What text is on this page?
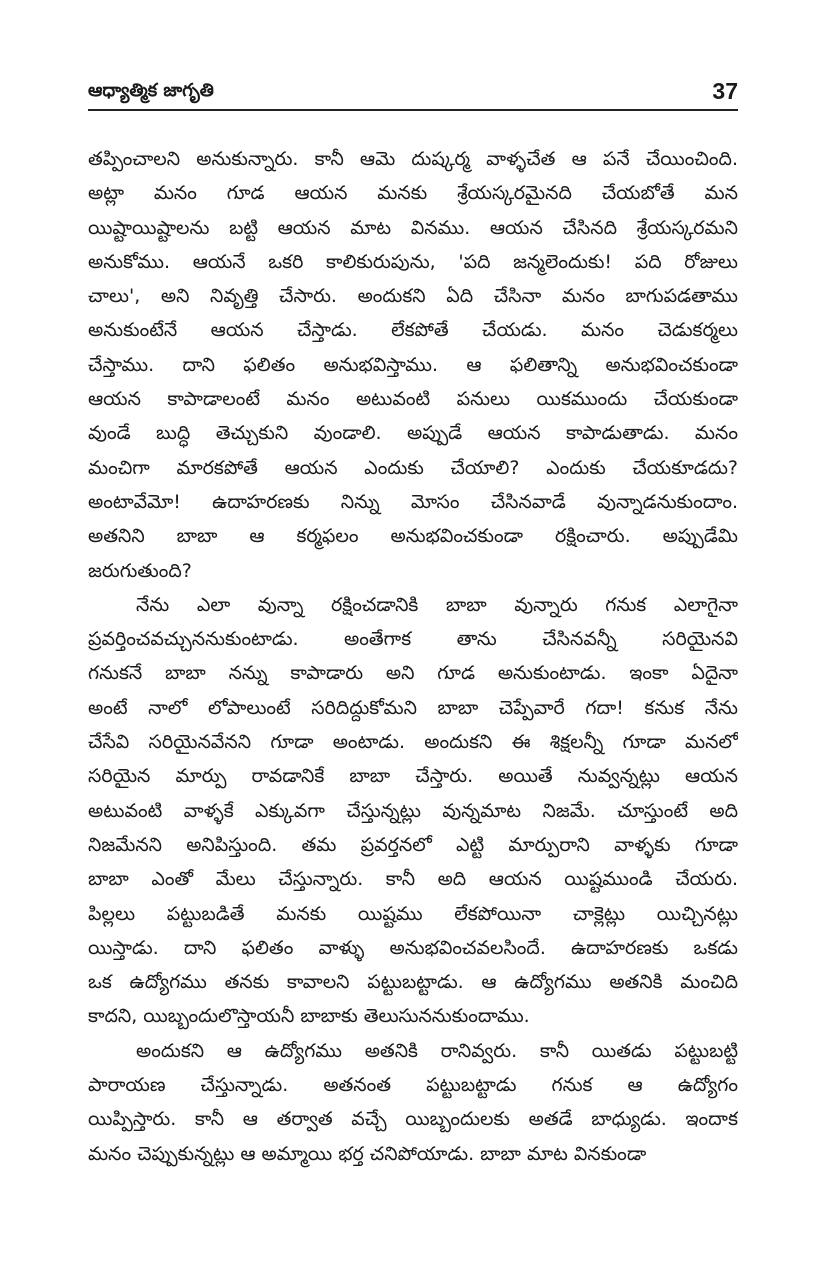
ఆధ్యాత్మిక జాగృతి	37
తప్పించాలని అనుకున్నారు. కానీ ఆమె దుష్కర్మ వాళ్ళచేత ఆ పనే చేయించింది.
అట్లా మనం గూడ ఆయన మనకు శ్రేయస్కరమైనది చేయబోతే మన
యిష్టాయిష్టాలను బట్టి ఆయన మాట వినము. ఆయన చేసినది శ్రేయస్కరమని
అనుకోము. ఆయనే ఒకరి కాలికురుపును, 'పది జన్మలెందుకు! పది రోజులు
చాలు', అని నివృత్తి చేసారు. అందుకని ఏది చేసినా మనం బాగుపడతాము
అనుకుంటేనే ఆయన చేస్తాడు. లేకపోతే చేయడు. మనం చెడుకర్మలు
చేస్తాము. దాని ఫలితం అనుభవిస్తాము. ఆ ఫలితాన్ని అనుభవించకుండా
ఆయన కాపాడాలంటే మనం అటువంటి పనులు యికముందు చేయకుండా
వుండే బుద్ధి తెచ్చుకుని వుండాలి. అప్పుడే ఆయన కాపాడుతాడు. మనం
మంచిగా మారకపోతే ఆయన ఎందుకు చేయాలి? ఎందుకు చేయకూడదు?
అంటావేమో! ఉదాహరణకు నిన్ను మోసం చేసినవాడే వున్నాడనుకుందాం.
అతనిని బాబా ఆ కర్మఫలం అనుభవించకుండా రక్షించారు. అప్పుడేమి
జరుగుతుంది?
నేను ఎలా వున్నా రక్షించడానికి బాబా వున్నారు గనుక ఎలాగైనా
ప్రవర్తించవచ్చుననుకుంటాడు. అంతేగాక తాను చేసినవన్నీ సరియైనవి
గనుకనే బాబా నన్ను కాపాడారు అని గూడ అనుకుంటాడు. ఇంకా ఏదైనా
అంటే నాలో లోపాలుంటే సరిదిద్దుకోమని బాబా చెప్పేవారే గదా! కనుక నేను
చేసేవి సరియైనవేనని గూడా అంటాడు. అందుకని ఈ శిక్షలన్నీ గూడా మనలో
సరియైన మార్పు రావడానికే బాబా చేస్తారు. అయితే నువ్వన్నట్లు ఆయన
అటువంటి వాళ్ళకే ఎక్కువగా చేస్తున్నట్లు వున్నమాట నిజమే. చూస్తుంటే అది
నిజమేనని అనిపిస్తుంది. తమ ప్రవర్తనలో ఎట్టి మార్పురాని వాళ్ళకు గూడా
బాబా ఎంతో మేలు చేస్తున్నారు. కానీ అది ఆయన యిష్టముండి చేయరు.
పిల్లలు పట్టుబడితే మనకు యిష్టము లేకపోయినా చాక్లెట్లు యిచ్చినట్లు
యిస్తాడు. దాని ఫలితం వాళ్ళు అనుభవించవలసిందే. ఉదాహరణకు ఒకడు
ఒక ఉద్యోగము తనకు కావాలని పట్టుబట్టాడు. ఆ ఉద్యోగము అతనికి మంచిది
కాదని, యిబ్బందులొస్తాయనీ బాబాకు తెలుసుననుకుందాము.
అందుకని ఆ ఉద్యోగము అతనికి రానివ్వరు. కానీ యితడు పట్టుబట్టి
పారాయణ చేస్తున్నాడు. అతనంత పట్టుబట్టాడు గనుక ఆ ఉద్యోగం
యిప్పిస్తారు. కానీ ఆ తర్వాత వచ్చే యిబ్బందులకు అతడే బాధ్యుడు. ఇందాక
మనం చెప్పుకున్నట్లు ఆ అమ్మాయి భర్త చనిపోయాడు. బాబా మాట వినకుండా
